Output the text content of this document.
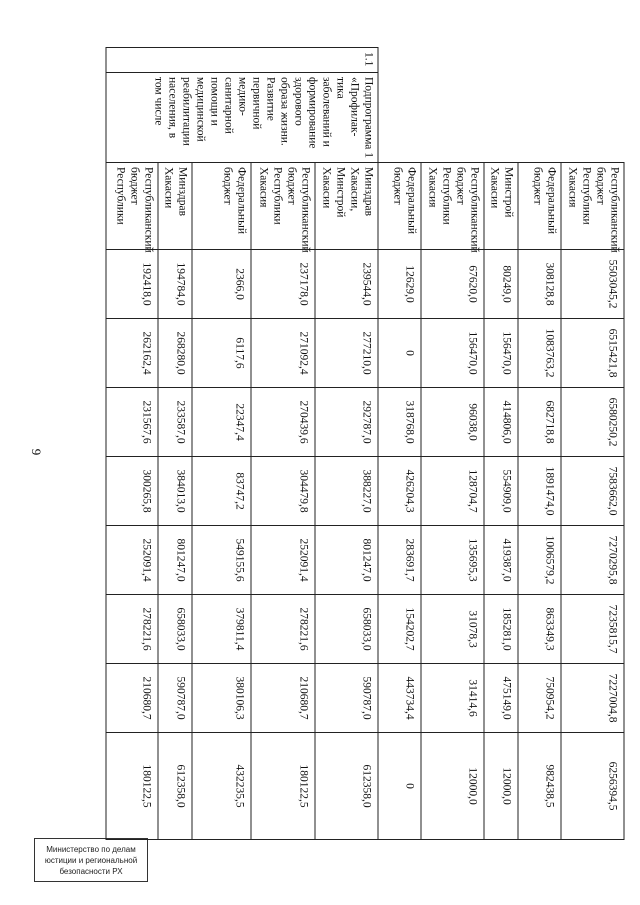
9
Министерство по делам
юстиции и региональной
безопасности РХ
		Республиканский бюджет Республики Хакасия	5503045,2	6515421,8	6580250,2	7583662,0	7270295,8	7235815,7	7227004,8	6256394,5
		Федеральный бюджет	308128,8	1083763,2	682718,8	1891474,0	1006579,2	863349,3	750954,2	982438,5
		Минстрой Хакасии	80249,0	156470,0	414806,0	554909,0	419387,0	185281,0	475149,0	12000,0
		Республиканский бюджет Республики Хакасия	67620,0	156470,0	96038,0	128704,7	135695,3	31078,3	31414,6	12000,0
		Федеральный бюджет	12629,0	0	318768,0	426204,3	283691,7	154202,7	443734,4	0
1.1	Подпрограмма 1 «Профилак-тика заболеваний и формирование здорового образа жизни. Развитие первичной медико-санитарной помощи и медицинской реабилитации населения, в том числе	Минздрав Хакасии, Минстрой Хакасии	239544,0	277210,0	292787,0	388227,0	801247,0	658033,0	590787,0	612358,0
		Республиканский бюджет Республики Хакасия	237178,0	271092,4	270439,6	304479,8	252091,4	278221,6	210680,7	180122,5
		Федеральный бюджет	2366,0	6117,6	22347,4	83747,2	549155,6	379811,4	380106,3	432235,5
		Минздрав Хакасии	194784,0	268280,0	233587,0	384013,0	801247,0	658033,0	590787,0	612358,0
		Республиканский бюджет Республики	192418,0	262162,4	231567,6	300265,8	252091,4	278221,6	210680,7	180122,5
